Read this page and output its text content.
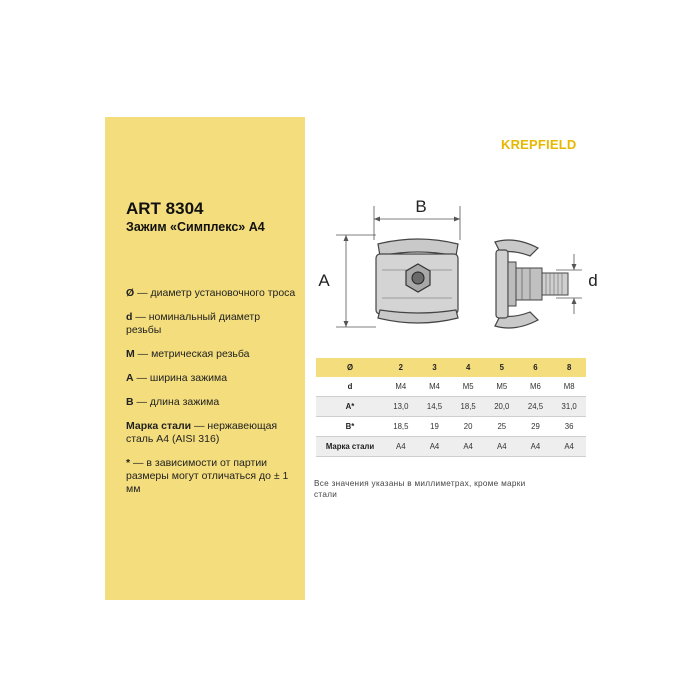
ART 8304
Зажим «Симплекс» А4
Ø — диаметр установочного троса
d — номинальный диаметр резьбы
M — метрическая резьба
A — ширина зажима
B — длина зажима
Марка стали — нержавеющая сталь А4 (AISI 316)
* — в зависимости от партии размеры могут отличаться до ± 1 мм
KREPFIELD
B
A	d
Ø	2	3	4	5	6	8
d	M4	M4	M5	M5	M6	M8
A*	13,0	14,5	18,5	20,0	24,5	31,0
B*	18,5	19	20	25	29	36
Марка стали	А4	А4	А4	А4	А4	А4
Все значения указаны в миллиметрах, кроме марки стали
